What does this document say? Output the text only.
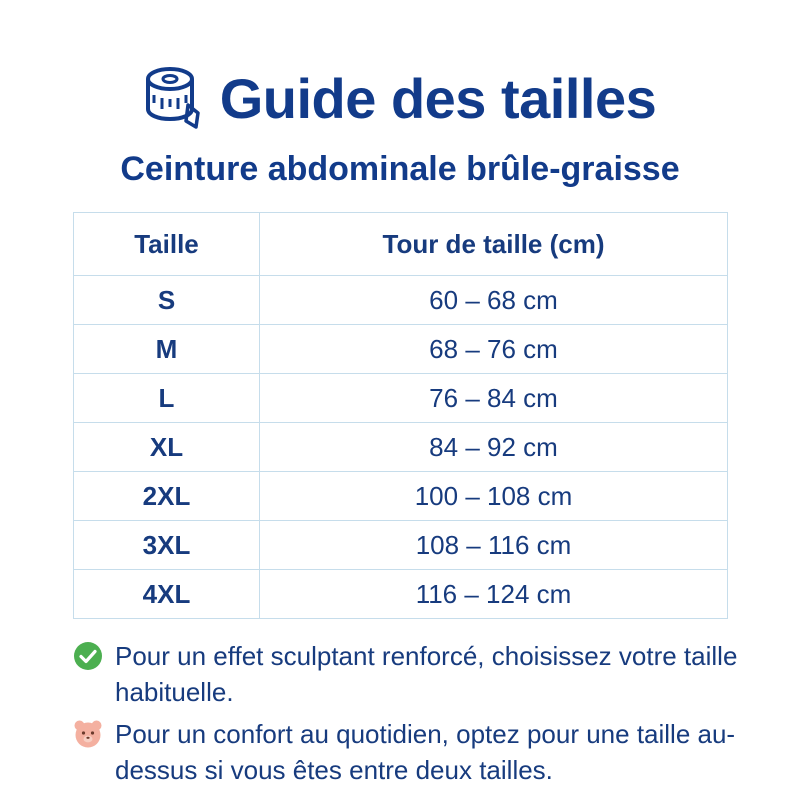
Guide des tailles
Ceinture abdominale brûle-graisse
Taille	Tour de taille (cm)
S	60 – 68 cm
M	68 – 76 cm
L	76 – 84 cm
XL	84 – 92 cm
2XL	100 – 108 cm
3XL	108 – 116 cm
4XL	116 – 124 cm
Pour un effet sculptant renforcé, choisissez votre taille habituelle.
Pour un confort au quotidien, optez pour une taille au-dessus si vous êtes entre deux tailles.
